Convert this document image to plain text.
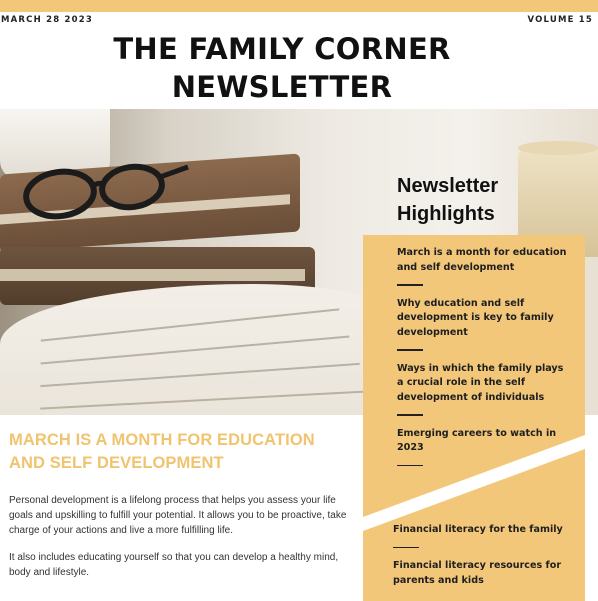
MARCH 28 2023	VOLUME 15
THE FAMILY CORNER
NEWSLETTER
MARCH IS A MONTH FOR EDUCATION
AND SELF DEVELOPMENT

Personal development is a lifelong process that helps you assess your life goals and upskilling to fulfill your potential. It allows you to be proactive, take charge of your actions and live a more fulfilling life.

It also includes educating yourself so that you can develop a healthy mind, body and lifestyle.

Newsletter
Highlights
March is a month for education and self development
Why education and self development is key to family development
Ways in which the family plays a crucial role in the self development of individuals
Emerging careers to watch in 2023
Financial literacy for the family
Financial literacy resources for parents and kids
